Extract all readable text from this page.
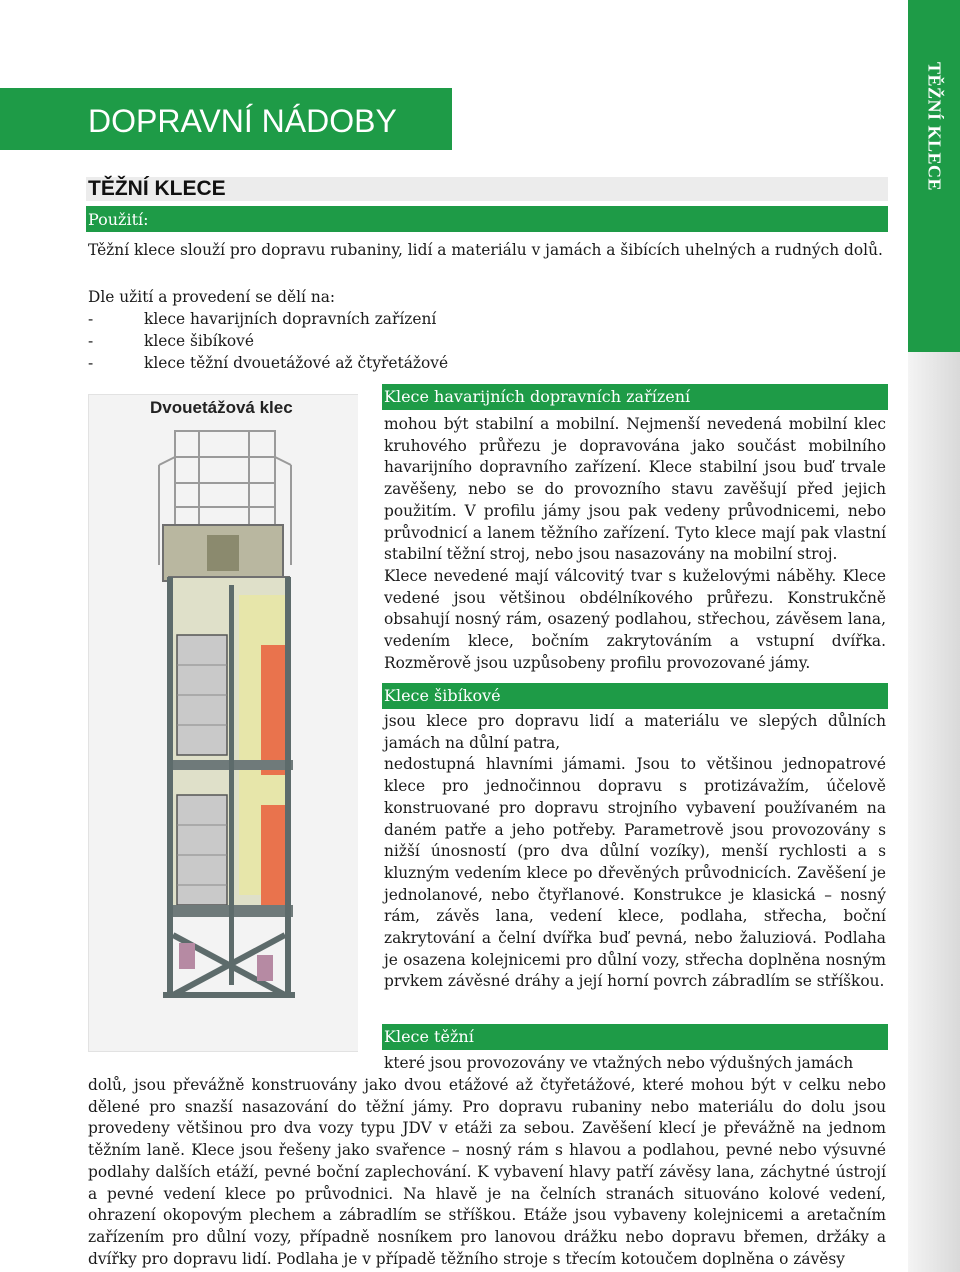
TĚŽNÍ KLECE
DOPRAVNÍ NÁDOBY
TĚŽNÍ KLECE
Použití:
Těžní klece slouží pro dopravu rubaniny, lidí a materiálu v jamách a šibících uhelných a rudných dolů.
Dle užití a provedení se dělí na:
-	klece havarijních dopravních zařízení
-	klece šibíkové
-	klece těžní dvouetážové až čtyřetážové
Dvouetážová klec
Klece havarijních dopravních zařízení

mohou být stabilní a mobilní. Nejmenší nevedená mobilní klec kruhového průřezu je dopravována jako součást mobilního havarijního dopravního zařízení. Klece stabilní jsou buď trvale zavěšeny, nebo se do provozního stavu zavěšují před jejich použitím. V profilu jámy jsou pak vedeny průvodnicemi, nebo průvodnicí a lanem těžního zařízení. Tyto klece mají pak vlastní stabilní těžní stroj, nebo jsou nasazovány na mobilní stroj.

Klece nevedené mají válcovitý tvar s kuželovými náběhy. Klece vedené jsou většinou obdélníkového průřezu. Konstrukčně obsahují nosný rám, osazený podlahou, střechou, závěsem lana, vedením klece, bočním zakrytováním a vstupní dvířka. Rozměrově jsou uzpůsobeny profilu provozované jámy.

Klece šibíkové

jsou klece pro dopravu lidí a materiálu ve slepých důlních jamách na důlní patra,

nedostupná hlavními jámami. Jsou to většinou jednopatrové klece pro jednočinnou dopravu s protizávažím, účelově konstruované pro dopravu strojního vybavení používaném na daném patře a jeho potřeby. Parametrově jsou provozovány s nižší únosností (pro dva důlní vozíky), menší rychlosti a s kluzným vedením klece po dřevěných průvodnicích. Zavěšení je jednolanové, nebo čtyřlanové. Konstrukce je klasická – nosný rám, závěs lana, vedení klece, podlaha, střecha, boční zakrytování a čelní dvířka buď pevná, nebo žaluziová. Podlaha je osazena kolejnicemi pro důlní vozy, střecha doplněna nosným prvkem závěsné dráhy a její horní povrch zábradlím se stříškou.

Klece těžní
které jsou provozovány ve vtažných nebo výdušných jamách
dolů, jsou převážně konstruovány jako dvou etážové až čtyřetážové, které mohou být v celku nebo dělené pro snazší nasazování do těžní jámy. Pro dopravu rubaniny nebo materiálu do dolu jsou provedeny většinou pro dva vozy typu JDV v etáži za sebou. Zavěšení klecí je převážně na jednom těžním laně. Klece jsou řešeny jako svařence – nosný rám s hlavou a podlahou, pevné nebo výsuvné podlahy dalších etáží, pevné boční zaplechování. K vybavení hlavy patří závěsy lana, záchytné ústrojí a pevné vedení klece po průvodnici. Na hlavě je na čelních stranách situováno kolové vedení, ohrazení okopovým plechem a zábradlím se stříškou. Etáže jsou vybaveny kolejnicemi a aretačním zařízením pro důlní vozy, případně nosníkem pro lanovou drážku nebo dopravu břemen, držáky a dvířky pro dopravu lidí. Podlaha je v případě těžního stroje s třecím kotoučem doplněna o závěsy
